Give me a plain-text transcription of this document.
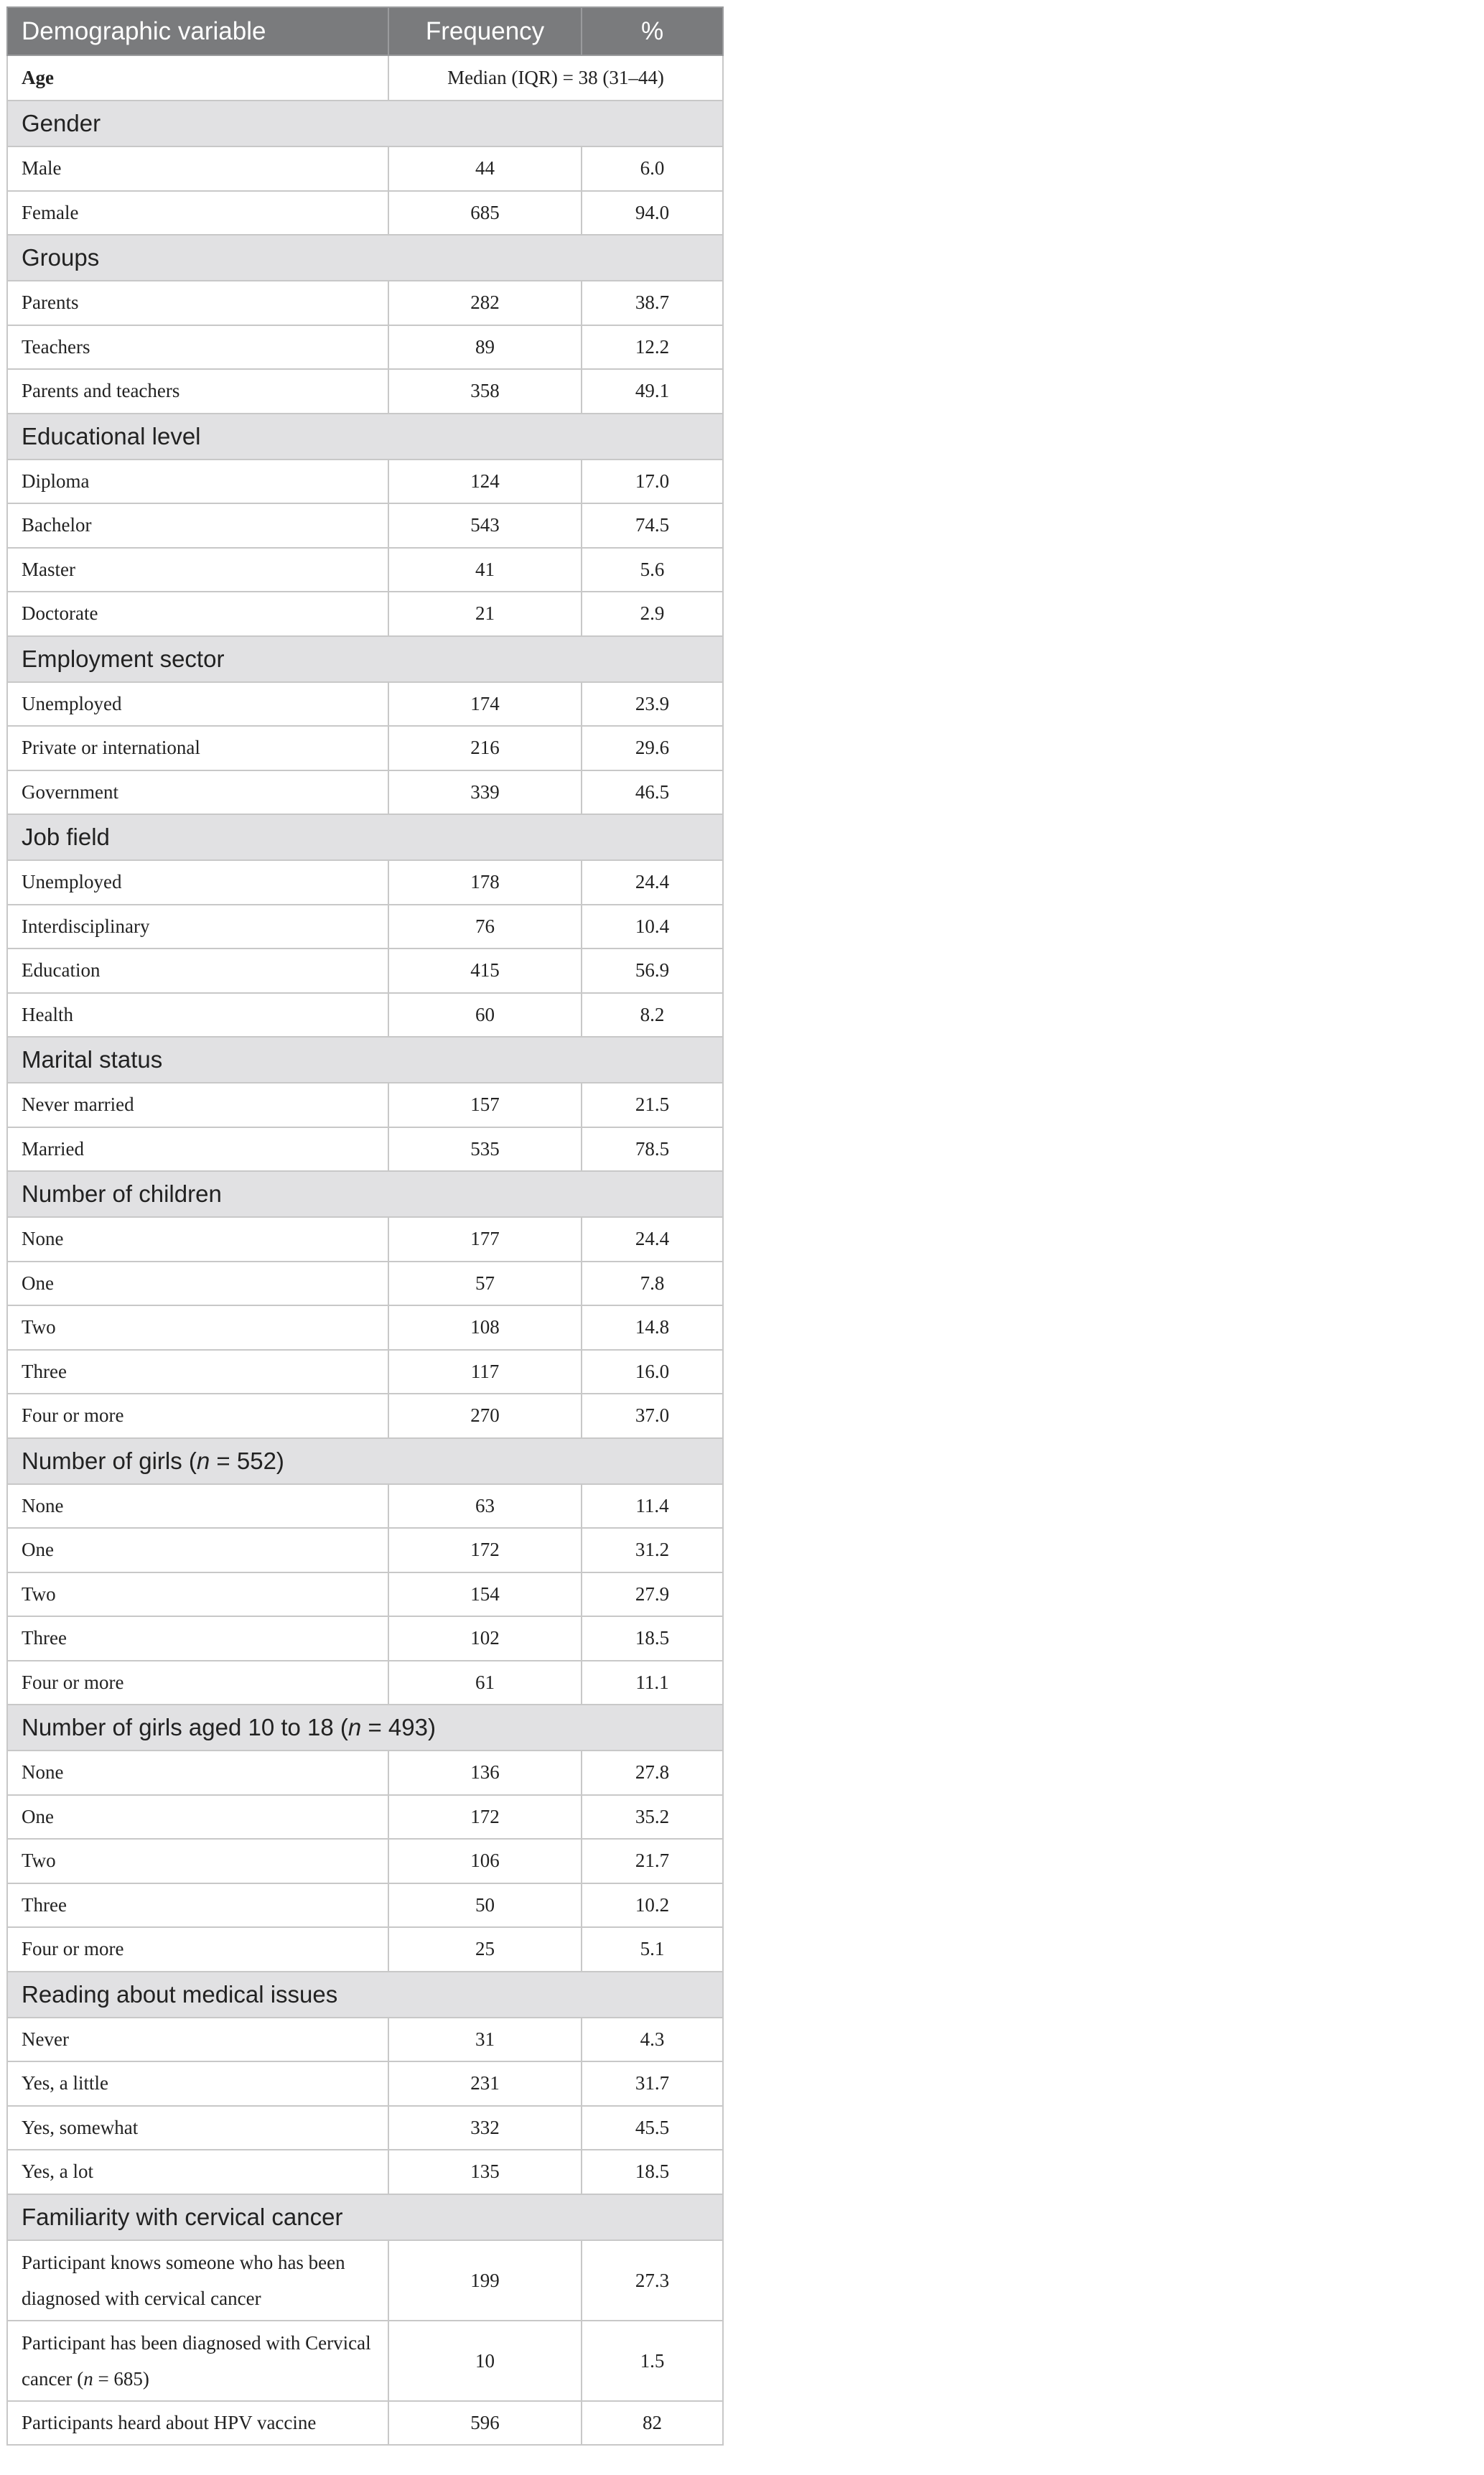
Demographic variable	Frequency	%
Age	Median (IQR) = 38 (31–44)	
Gender		
Male	44	6.0
Female	685	94.0
Groups		
Parents	282	38.7
Teachers	89	12.2
Parents and teachers	358	49.1
Educational level		
Diploma	124	17.0
Bachelor	543	74.5
Master	41	5.6
Doctorate	21	2.9
Employment sector		
Unemployed	174	23.9
Private or international	216	29.6
Government	339	46.5
Job field		
Unemployed	178	24.4
Interdisciplinary	76	10.4
Education	415	56.9
Health	60	8.2
Marital status		
Never married	157	21.5
Married	535	78.5
Number of children		
None	177	24.4
One	57	7.8
Two	108	14.8
Three	117	16.0
Four or more	270	37.0
Number of girls (n = 552)		
None	63	11.4
One	172	31.2
Two	154	27.9
Three	102	18.5
Four or more	61	11.1
Number of girls aged 10 to 18 (n = 493)		
None	136	27.8
One	172	35.2
Two	106	21.7
Three	50	10.2
Four or more	25	5.1
Reading about medical issues		
Never	31	4.3
Yes, a little	231	31.7
Yes, somewhat	332	45.5
Yes, a lot	135	18.5
Familiarity with cervical cancer		
Participant knows someone who has been diagnosed with cervical cancer	199	27.3
Participant has been diagnosed with Cervical cancer (n = 685)	10	1.5
Participants heard about HPV vaccine	596	82
